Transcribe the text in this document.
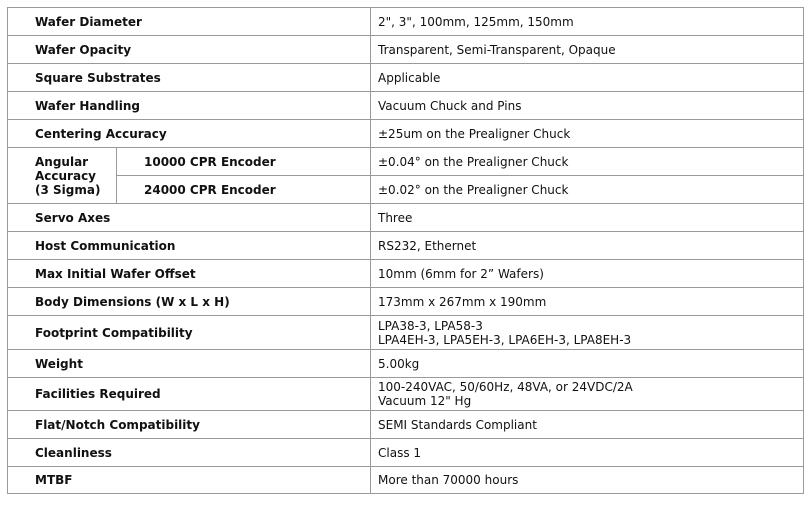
Wafer Diameter		2", 3", 100mm, 125mm, 150mm
Wafer Opacity		Transparent, Semi-Transparent, Opaque
Square Substrates		Applicable
Wafer Handling		Vacuum Chuck and Pins
Centering Accuracy		±25um on the Prealigner Chuck

Angular
Accuracy
(3 Sigma)	10000 CPR Encoder	±0.04° on the Prealigner Chuck
	24000 CPR Encoder	±0.02° on the Prealigner Chuck
Servo Axes		Three
Host Communication		RS232, Ethernet
Max Initial Wafer Offset		10mm (6mm for 2” Wafers)
Body Dimensions (W x L x H)		173mm x 267mm x 190mm
Footprint Compatibility		LPA38-3, LPA58-3
LPA4EH-3, LPA5EH-3, LPA6EH-3, LPA8EH-3

Weight		5.00kg
Facilities Required		100-240VAC, 50/60Hz, 48VA, or 24VDC/2A
Vacuum 12" Hg

Flat/Notch Compatibility		SEMI Standards Compliant
Cleanliness		Class 1
MTBF		More than 70000 hours
